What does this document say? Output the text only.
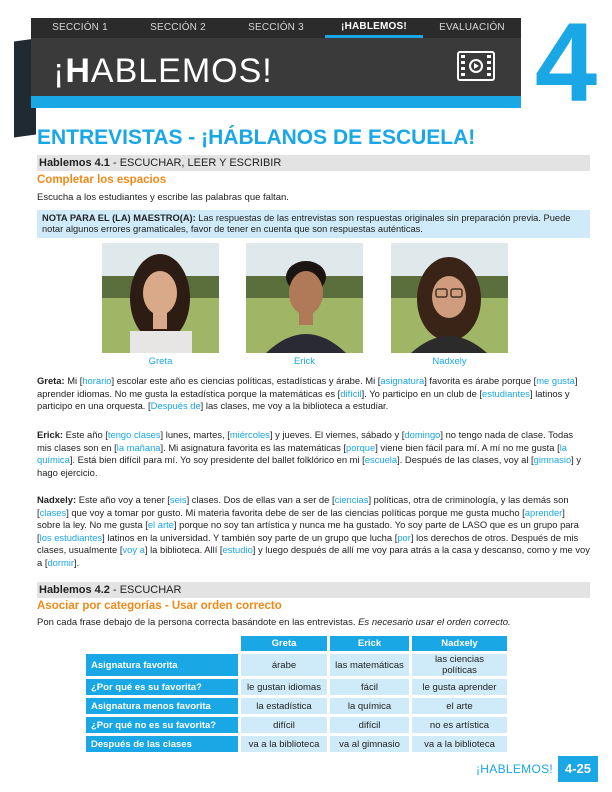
SECCIÓN 1	SECCIÓN 2	SECCIÓN 3	¡HABLEMOS!	EVALUACIÓN
¡HABLEMOS! 4
ENTREVISTAS - ¡HÁBLANOS DE ESCUELA!
Hablemos 4.1 - ESCUCHAR, LEER Y ESCRIBIR
Completar los espacios
Escucha a los estudiantes y escribe las palabras que faltan.
NOTA PARA EL (LA) MAESTRO(A): Las respuestas de las entrevistas son respuestas originales sin preparación previa. Puede notar algunos errores gramaticales, favor de tener en cuenta que son respuestas auténticas.
Greta	Erick	Nadxely
Greta: Mi [horario] escolar este año es ciencias políticas, estadísticas y árabe. Mi [asignatura] favorita es árabe porque [me gusta] aprender idiomas. No me gusta la estadística porque la matemáticas es [difícil]. Yo participo en un club de [estudiantes] latinos y participo en una orquesta. [Después de] las clases, me voy a la biblioteca a estudiar.
Erick: Este año [tengo clases] lunes, martes, [miércoles] y jueves. El viernes, sábado y [domingo] no tengo nada de clase. Todas mis clases son en [la mañana]. Mi asignatura favorita es las matemáticas [porque] viene bien fácil para mí. A mí no me gusta [la química]. Está bien difícil para mí. Yo soy presidente del ballet folklórico en mi [escuela]. Después de las clases, voy al [gimnasio] y hago ejercicio.
Nadxely: Este año voy a tener [seis] clases. Dos de ellas van a ser de [ciencias] políticas, otra de criminología, y las demás son [clases] que voy a tomar por gusto. Mi materia favorita debe de ser de las ciencias políticas porque me gusta mucho [aprender] sobre la ley. No me gusta [el arte] porque no soy tan artística y nunca me ha gustado. Yo soy parte de LASO que es un grupo para [los estudiantes] latinos en la universidad. Y también soy parte de un grupo que lucha [por] los derechos de otros. Después de mis clases, usualmente [voy a] la biblioteca. Allí [estudio] y luego después de allí me voy para atrás a la casa y descanso, como y me voy a [dormir].
Hablemos 4.2 - ESCUCHAR
Asociar por categorías - Usar orden correcto
Pon cada frase debajo de la persona correcta basándote en las entrevistas. Es necesario usar el orden correcto.
	Greta	Erick	Nadxely
Asignatura favorita	árabe	las matemáticas	las ciencias políticas
¿Por qué es su favorita?	le gustan idiomas	fácil	le gusta aprender
Asignatura menos favorita	la estadística	la química	el arte
¿Por qué no es su favorita?	difícil	difícil	no es artística
Después de las clases	va a la biblioteca	va al gimnasio	va a la biblioteca
¡HABLEMOS! 4-25
